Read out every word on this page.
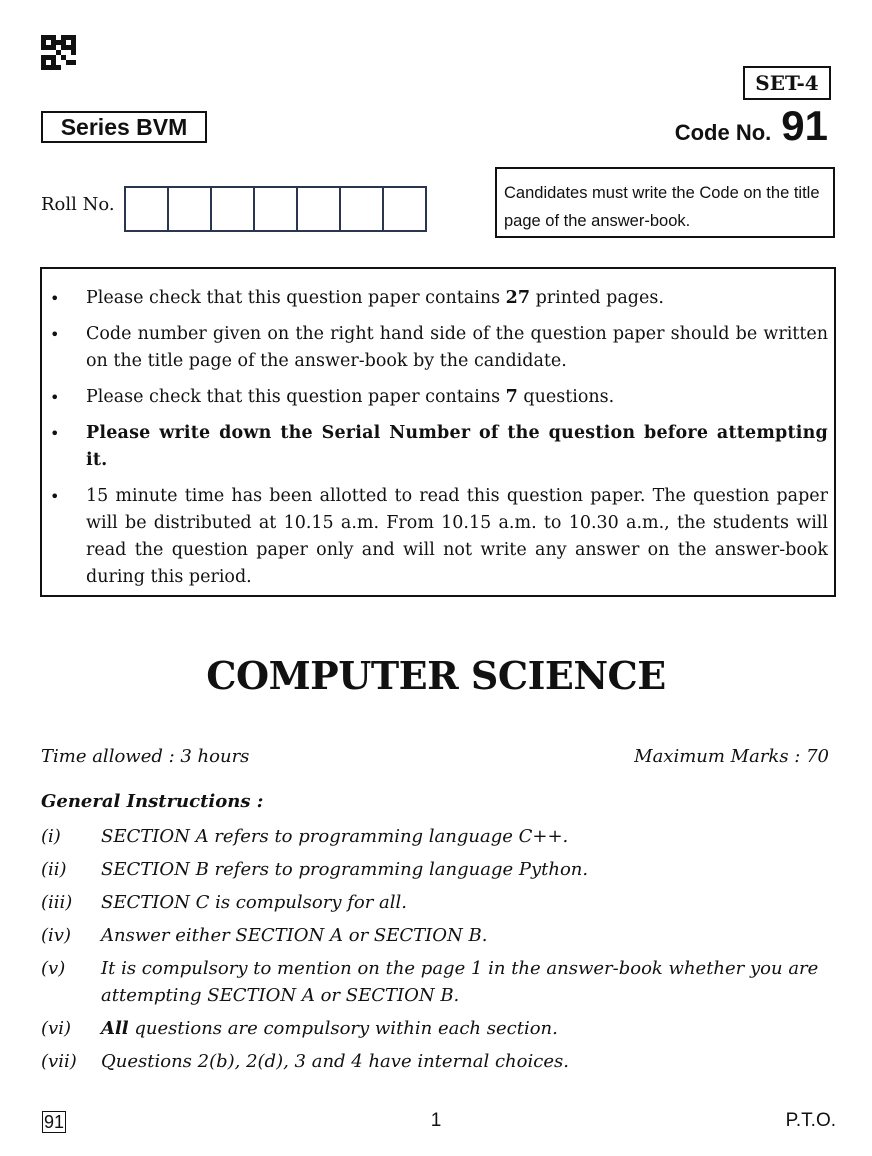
SET-4
Series BVM	Code No. 91
Roll No.
Candidates must write the Code on the title page of the answer-book.
•	Please check that this question paper contains 27 printed pages.
•	Code number given on the right hand side of the question paper should be written on the title page of the answer-book by the candidate.
•	Please check that this question paper contains 7 questions.
•	Please write down the Serial Number of the question before attempting it.
•	15 minute time has been allotted to read this question paper. The question paper will be distributed at 10.15 a.m. From 10.15 a.m. to 10.30 a.m., the students will read the question paper only and will not write any answer on the answer-book during this period.
COMPUTER SCIENCE
Time allowed : 3 hours	Maximum Marks : 70
General Instructions :
(i)	SECTION A refers to programming language C++.
(ii)	SECTION B refers to programming language Python.
(iii)	SECTION C is compulsory for all.
(iv)	Answer either SECTION A or SECTION B.
(v)	It is compulsory to mention on the page 1 in the answer-book whether you are attempting SECTION A or SECTION B.
(vi)	All questions are compulsory within each section.
(vii)	Questions 2(b), 2(d), 3 and 4 have internal choices.
91	1	P.T.O.
